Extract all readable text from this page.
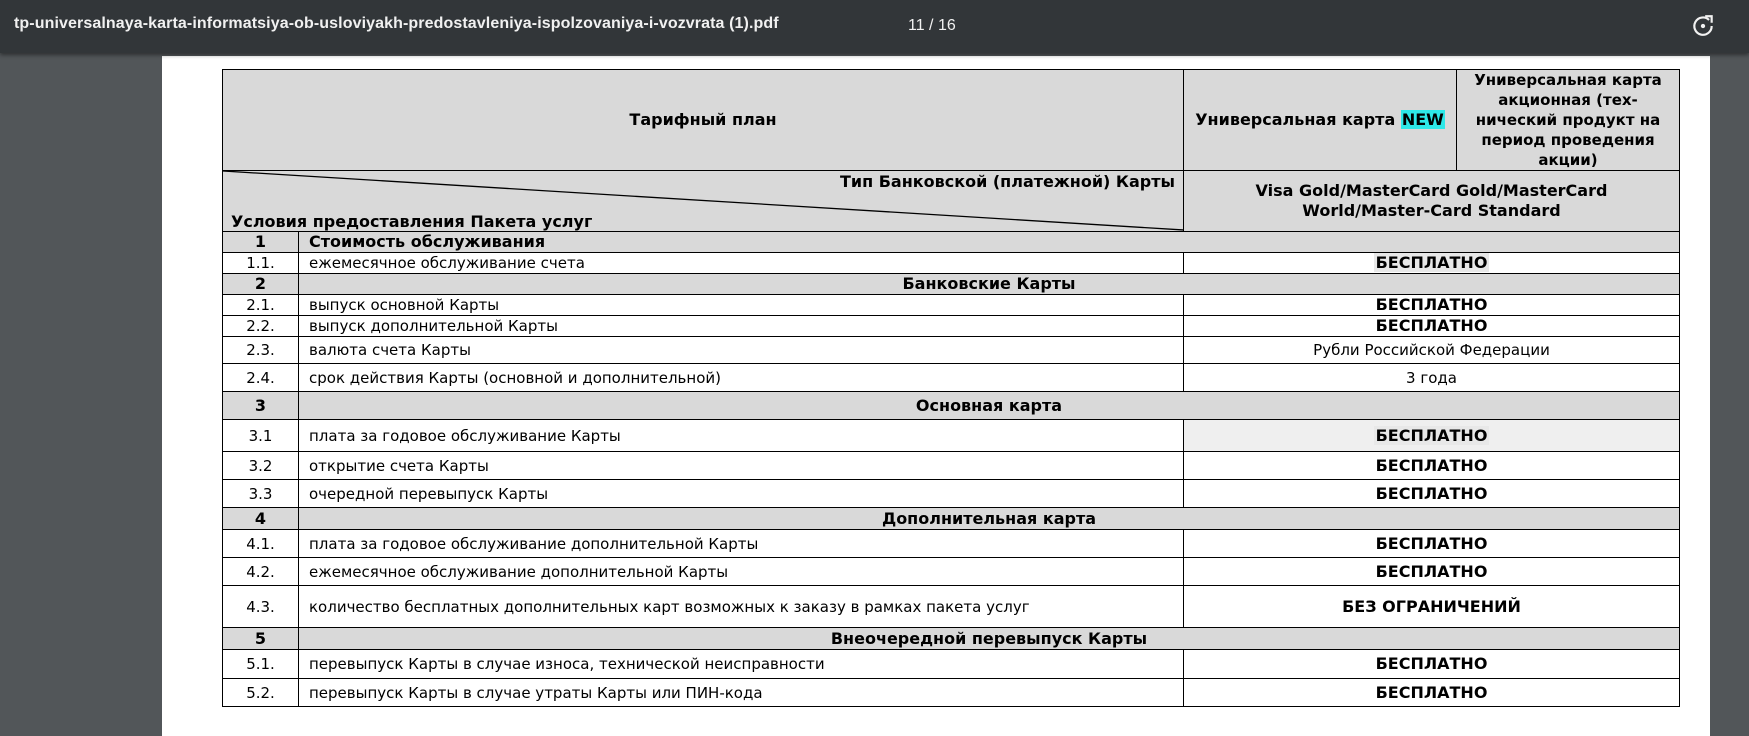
tp-universalnaya-karta-informatsiya-ob-usloviyakh-predostavleniya-ispolzovaniya-i-vozvrata (1).pdf	11 / 16
Тарифный план		Универсальная карта NEW	Универсальная карта акционная (тех-нический продукт на период проведения акции)

Тип Банковской (платежной) Карты
Условия предоставления Пакета услуг		Visa Gold/MasterCard Gold/MasterCard World/Master-Card Standard	
1	Стоимость обслуживания		
1.1.	ежемесячное обслуживание счета	БЕСПЛАТНО	
2	Банковские Карты		
2.1.	выпуск основной Карты	БЕСПЛАТНО	
2.2.	выпуск дополнительной Карты	БЕСПЛАТНО	
2.3.	валюта счета Карты	Рубли Российской Федерации	
2.4.	срок действия Карты (основной и дополнительной)	3 года	
3	Основная карта		
3.1	плата за годовое обслуживание Карты	БЕСПЛАТНО	
3.2	открытие счета Карты	БЕСПЛАТНО	
3.3	очередной перевыпуск Карты	БЕСПЛАТНО	
4	Дополнительная карта		
4.1.	плата за годовое обслуживание дополнительной Карты	БЕСПЛАТНО	
4.2.	ежемесячное обслуживание дополнительной Карты	БЕСПЛАТНО	
4.3.	количество бесплатных дополнительных карт возможных к заказу в рамках пакета услуг	БЕЗ ОГРАНИЧЕНИЙ	
5	Внеочередной перевыпуск Карты		
5.1.	перевыпуск Карты в случае износа, технической неисправности	БЕСПЛАТНО	
5.2.	перевыпуск Карты в случае утраты Карты или ПИН-кода	БЕСПЛАТНО	
